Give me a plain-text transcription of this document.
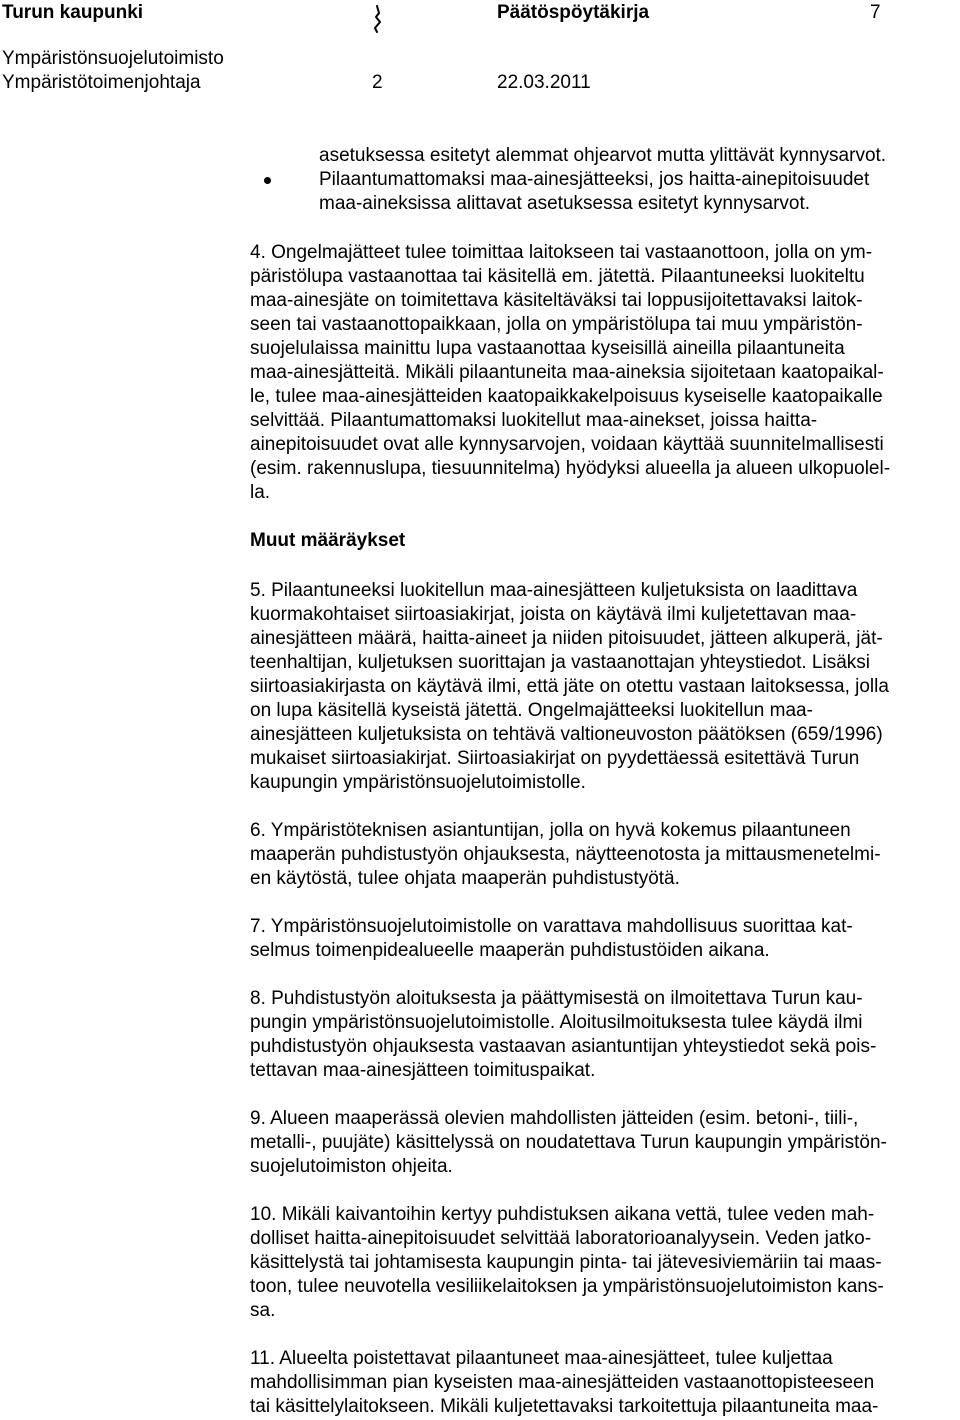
Turun kaupunki	Päätöspöytäkirja	7
Ympäristönsuojelutoimisto
Ympäristötoimenjohtaja	2	22.03.2011
asetuksessa esitetyt alemmat ohjearvot mutta ylittävät kynnysarvot.
Pilaantumattomaksi maa-ainesjätteeksi, jos haitta-ainepitoisuudet
maa-aineksissa alittavat asetuksessa esitetyt kynnysarvot.
4. Ongelmajätteet tulee toimittaa laitokseen tai vastaanottoon, jolla on ym-
päristölupa vastaanottaa tai käsitellä em. jätettä. Pilaantuneeksi luokiteltu
maa-ainesjäte on toimitettava käsiteltäväksi tai loppusijoitettavaksi laitok-
seen tai vastaanottopaikkaan, jolla on ympäristölupa tai muu ympäristön-
suojelulaissa mainittu lupa vastaanottaa kyseisillä aineilla pilaantuneita
maa-ainesjätteitä. Mikäli pilaantuneita maa-aineksia sijoitetaan kaatopaikal-
le, tulee maa-ainesjätteiden kaatopaikkakelpoisuus kyseiselle kaatopaikalle
selvittää. Pilaantumattomaksi luokitellut maa-ainekset, joissa haitta-
ainepitoisuudet ovat alle kynnysarvojen, voidaan käyttää suunnitelmallisesti
(esim. rakennuslupa, tiesuunnitelma) hyödyksi alueella ja alueen ulkopuolel-
la.
Muut määräykset
5. Pilaantuneeksi luokitellun maa-ainesjätteen kuljetuksista on laadittava
kuormakohtaiset siirtoasiakirjat, joista on käytävä ilmi kuljetettavan maa-
ainesjätteen määrä, haitta-aineet ja niiden pitoisuudet, jätteen alkuperä, jät-
teenhaltijan, kuljetuksen suorittajan ja vastaanottajan yhteystiedot. Lisäksi
siirtoasiakirjasta on käytävä ilmi, että jäte on otettu vastaan laitoksessa, jolla
on lupa käsitellä kyseistä jätettä. Ongelmajätteeksi luokitellun maa-
ainesjätteen kuljetuksista on tehtävä valtioneuvoston päätöksen (659/1996)
mukaiset siirtoasiakirjat. Siirtoasiakirjat on pyydettäessä esitettävä Turun
kaupungin ympäristönsuojelutoimistolle.
6. Ympäristöteknisen asiantuntijan, jolla on hyvä kokemus pilaantuneen
maaperän puhdistustyön ohjauksesta, näytteenotosta ja mittausmenetelmi-
en käytöstä, tulee ohjata maaperän puhdistustyötä.
7. Ympäristönsuojelutoimistolle on varattava mahdollisuus suorittaa kat-
selmus toimenpidealueelle maaperän puhdistustöiden aikana.
8. Puhdistustyön aloituksesta ja päättymisestä on ilmoitettava Turun kau-
pungin ympäristönsuojelutoimistolle. Aloitusilmoituksesta tulee käydä ilmi
puhdistustyön ohjauksesta vastaavan asiantuntijan yhteystiedot sekä pois-
tettavan maa-ainesjätteen toimituspaikat.
9. Alueen maaperässä olevien mahdollisten jätteiden (esim. betoni-, tiili-,
metalli-, puujäte) käsittelyssä on noudatettava Turun kaupungin ympäristön-
suojelutoimiston ohjeita.
10. Mikäli kaivantoihin kertyy puhdistuksen aikana vettä, tulee veden mah-
dolliset haitta-ainepitoisuudet selvittää laboratorioanalyysein. Veden jatko-
käsittelystä tai johtamisesta kaupungin pinta- tai jätevesiviemäriin tai maas-
toon, tulee neuvotella vesiliikelaitoksen ja ympäristönsuojelutoimiston kans-
sa.
11. Alueelta poistettavat pilaantuneet maa-ainesjätteet, tulee kuljettaa
mahdollisimman pian kyseisten maa-ainesjätteiden vastaanottopisteeseen
tai käsittelylaitokseen. Mikäli kuljetettavaksi tarkoitettuja pilaantuneita maa-
